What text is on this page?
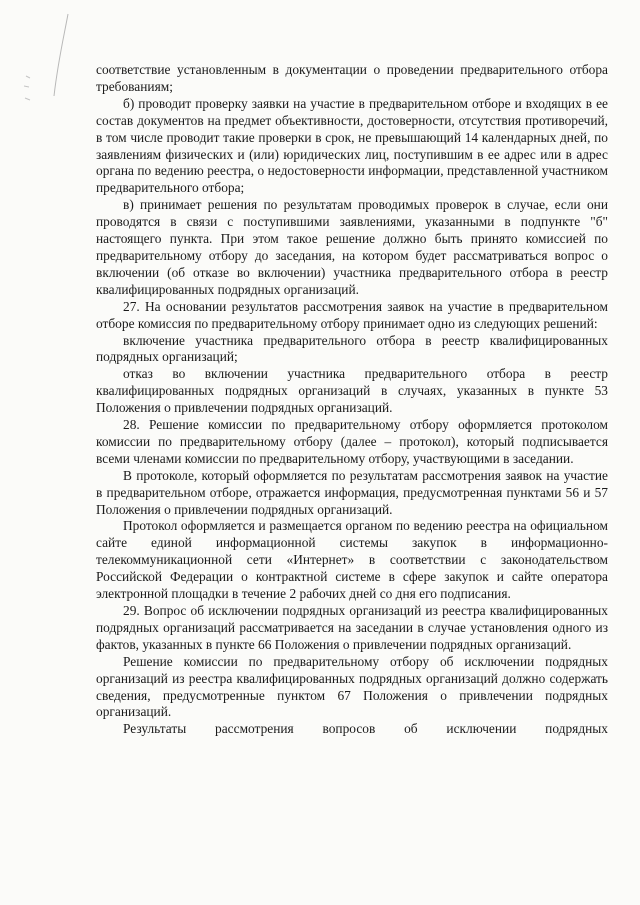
соответствие установленным в документации о проведении предварительного отбора требованиям;

б) проводит проверку заявки на участие в предварительном отборе и входящих в ее состав документов на предмет объективности, достоверности, отсутствия противоречий, в том числе проводит такие проверки в срок, не превышающий 14 календарных дней, по заявлениям физических и (или) юридических лиц, поступившим в ее адрес или в адрес органа по ведению реестра, о недостоверности информации, представленной участником предварительного отбора;

в) принимает решения по результатам проводимых проверок в случае, если они проводятся в связи с поступившими заявлениями, указанными в подпункте "б" настоящего пункта. При этом такое решение должно быть принято комиссией по предварительному отбору до заседания, на котором будет рассматриваться вопрос о включении (об отказе во включении) участника предварительного отбора в реестр квалифицированных подрядных организаций.

27. На основании результатов рассмотрения заявок на участие в предварительном отборе комиссия по предварительному отбору принимает одно из следующих решений:

включение участника предварительного отбора в реестр квалифицированных подрядных организаций;

отказ во включении участника предварительного отбора в реестр квалифицированных подрядных организаций в случаях, указанных в пункте 53 Положения о привлечении подрядных организаций.

28. Решение комиссии по предварительному отбору оформляется протоколом комиссии по предварительному отбору (далее – протокол), который подписывается всеми членами комиссии по предварительному отбору, участвующими в заседании.

В протоколе, который оформляется по результатам рассмотрения заявок на участие в предварительном отборе, отражается информация, предусмотренная пунктами 56 и 57 Положения о привлечении подрядных организаций.

Протокол оформляется и размещается органом по ведению реестра на официальном сайте единой информационной системы закупок в информационно-телекоммуникационной сети «Интернет» в соответствии с законодательством Российской Федерации о контрактной системе в сфере закупок и сайте оператора электронной площадки в течение 2 рабочих дней со дня его подписания.

29. Вопрос об исключении подрядных организаций из реестра квалифицированных подрядных организаций рассматривается на заседании в случае установления одного из фактов, указанных в пункте 66 Положения о привлечении подрядных организаций.

Решение комиссии по предварительному отбору об исключении подрядных организаций из реестра квалифицированных подрядных организаций должно содержать сведения, предусмотренные пунктом 67 Положения о привлечении подрядных организаций.

Результаты рассмотрения вопросов об исключении подрядных
